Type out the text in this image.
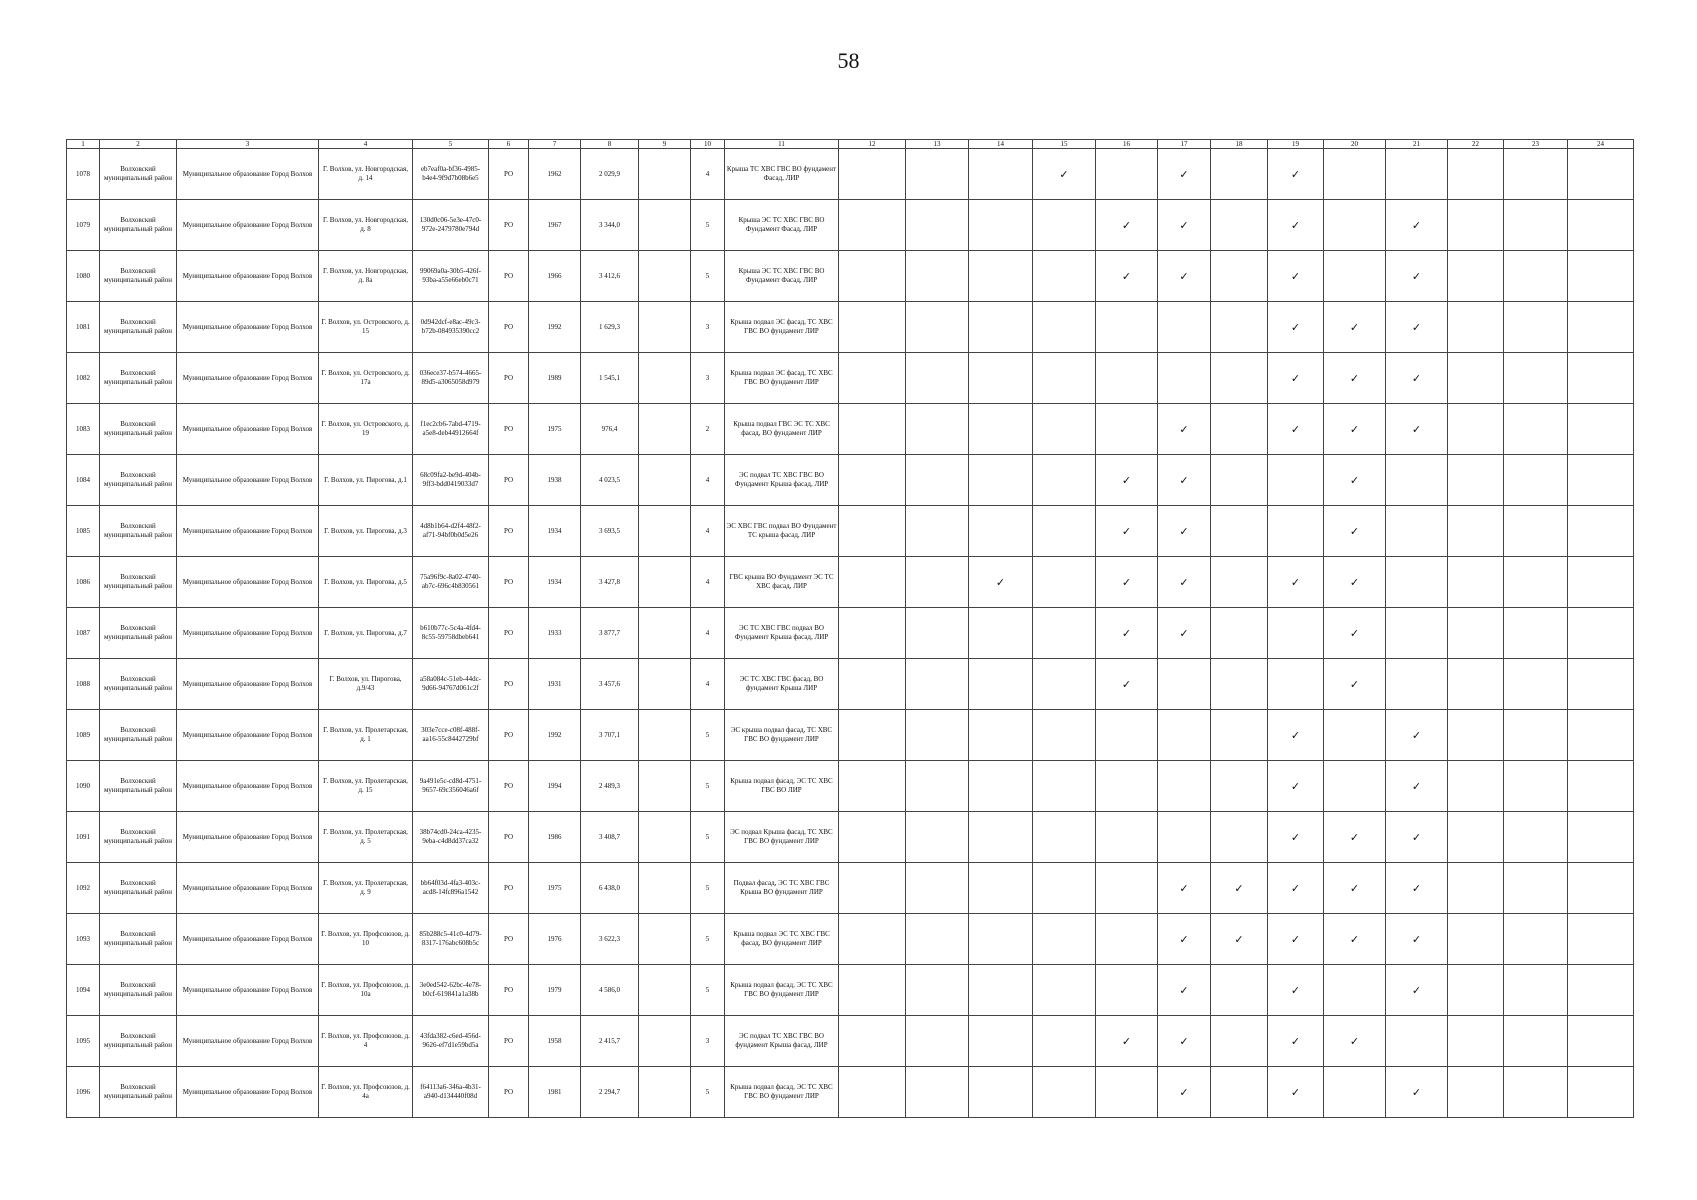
58
1	2	3	4	5	6	7	8	9	10	11	12	13	14	15	16	17	18	19	20	21	22	23	24
1078	Волховский муниципальный район	Муниципальное образование Город Волхов	Г. Волхов, ул. Новгородская, д. 14	eb7eaf0a-bf36-4985-b4e4-9f9d7b08b6e5	РО	1962	2 029,9		4	Крыша ТС ХВС ГВС ВО фундамент Фасад, ЛИР				✓		✓		✓					
1079	Волховский муниципальный район	Муниципальное образование Город Волхов	Г. Волхов, ул. Новгородская, д. 8	130d0c06-5e3e-47c0-972e-2479780e794d	РО	1967	3 344,0		5	Крыша ЭС ТС ХВС ГВС ВО Фундамент Фасад, ЛИР					✓	✓		✓		✓			
1080	Волховский муниципальный район	Муниципальное образование Город Волхов	Г. Волхов, ул. Новгородская, д. 8а	99069a0a-30b5-426f-93ba-a55e66eb0c71	РО	1966	3 412,6		5	Крыша ЭС ТС ХВС ГВС ВО Фундамент Фасад, ЛИР					✓	✓		✓		✓			
1081	Волховский муниципальный район	Муниципальное образование Город Волхов	Г. Волхов, ул. Островского, д. 15	0d942dcf-e8ac-49c3-b72b-084935390cc2	РО	1992	1 629,3		3	Крыша подвал ЭС фасад, ТС ХВС ГВС ВО фундамент ЛИР								✓	✓	✓			
1082	Волховский муниципальный район	Муниципальное образование Город Волхов	Г. Волхов, ул. Островского, д. 17а	036ece37-b574-4665-89d5-a3065058d979	РО	1989	1 545,1		3	Крыша подвал ЭС фасад, ТС ХВС ГВС ВО фундамент ЛИР								✓	✓	✓			
1083	Волховский муниципальный район	Муниципальное образование Город Волхов	Г. Волхов, ул. Островского, д. 19	f1ec2cb6-7abd-4719-a5e8-deb44912664f	РО	1975	976,4		2	Крыша подвал ГВС ЭС ТС ХВС фасад, ВО фундамент ЛИР						✓		✓	✓	✓			
1084	Волховский муниципальный район	Муниципальное образование Город Волхов	Г. Волхов, ул. Пирогова, д.1	68c09fa2-be9d-404b-9ff3-bdd0419033d7	РО	1938	4 023,5		4	ЭС подвал ТС ХВС ГВС ВО Фундамент Крыша фасад, ЛИР					✓	✓			✓				
1085	Волховский муниципальный район	Муниципальное образование Город Волхов	Г. Волхов, ул. Пирогова, д.3	4d8b1b64-d2f4-48f2-af71-94bf0b0d5e26	РО	1934	3 693,5		4	ЭС ХВС ГВС подвал ВО Фундамент ТС крыша фасад, ЛИР					✓	✓			✓				
1086	Волховский муниципальный район	Муниципальное образование Город Волхов	Г. Волхов, ул. Пирогова, д.5	75a96f9c-8a02-4740-ab7c-696c4b830561	РО	1934	3 427,8		4	ГВС крыша ВО Фундамент ЭС ТС ХВС фасад, ЛИР			✓		✓	✓		✓	✓				
1087	Волховский муниципальный район	Муниципальное образование Город Волхов	Г. Волхов, ул. Пирогова, д.7	b610b77c-5c4a-4fd4-8c55-59758dbeb641	РО	1933	3 877,7		4	ЭС ТС ХВС ГВС подвал ВО Фундамент Крыша фасад, ЛИР					✓	✓			✓				
1088	Волховский муниципальный район	Муниципальное образование Город Волхов	Г. Волхов, ул. Пирогова, д.9/43	a58a084c-51eb-44dc-9d66-94767d061c2f	РО	1931	3 457,6		4	ЭС ТС ХВС ГВС фасад, ВО фундамент Крыша ЛИР					✓				✓				
1089	Волховский муниципальный район	Муниципальное образование Город Волхов	Г. Волхов, ул. Пролетарская, д. 1	303e7cce-c08f-488f-aa16-55c8442729bf	РО	1992	3 707,1		5	ЭС крыша подвал фасад, ТС ХВС ГВС ВО фундамент ЛИР								✓		✓			
1090	Волховский муниципальный район	Муниципальное образование Город Волхов	Г. Волхов, ул. Пролетарская, д. 15	9a491e5c-cd8d-4751-9657-69c356046a6f	РО	1994	2 489,3		5	Крыша подвал фасад, ЭС ТС ХВС ГВС ВО ЛИР								✓		✓			
1091	Волховский муниципальный район	Муниципальное образование Город Волхов	Г. Волхов, ул. Пролетарская, д. 5	38b74cd0-24ca-4235-9eba-c4d8dd37ca32	РО	1986	3 408,7		5	ЭС подвал Крыша фасад, ТС ХВС ГВС ВО фундамент ЛИР								✓	✓	✓			
1092	Волховский муниципальный район	Муниципальное образование Город Волхов	Г. Волхов, ул. Пролетарская, д. 9	bb64f03d-4fa3-403c-acd8-14fc896a1542	РО	1975	6 438,0		5	Подвал фасад, ЭС ТС ХВС ГВС Крыша ВО фундамент ЛИР						✓	✓	✓	✓	✓			
1093	Волховский муниципальный район	Муниципальное образование Город Волхов	Г. Волхов, ул. Профсоюзов, д. 10	85b288c5-41c0-4d79-8317-176abc608b5c	РО	1976	3 622,3		5	Крыша подвал ЭС ТС ХВС ГВС фасад, ВО фундамент ЛИР						✓	✓	✓	✓	✓			
1094	Волховский муниципальный район	Муниципальное образование Город Волхов	Г. Волхов, ул. Профсоюзов, д. 10а	3e0ed542-62bc-4e78-b0cf-619841a1a38b	РО	1979	4 586,0		5	Крыша подвал фасад, ЭС ТС ХВС ГВС ВО фундамент ЛИР						✓		✓		✓			
1095	Волховский муниципальный район	Муниципальное образование Город Волхов	Г. Волхов, ул. Профсоюзов, д. 4	43fda382-c6ed-456d-9626-ef7d1e59bd5a	РО	1958	2 415,7		3	ЭС подвал ТС ХВС ГВС ВО фундамент Крыша фасад, ЛИР					✓	✓		✓	✓				
1096	Волховский муниципальный район	Муниципальное образование Город Волхов	Г. Волхов, ул. Профсоюзов, д. 4а	f64113a6-346a-4b31-a940-d134440f08d	РО	1981	2 294,7		5	Крыша подвал фасад, ЭС ТС ХВС ГВС ВО фундамент ЛИР						✓		✓		✓			
